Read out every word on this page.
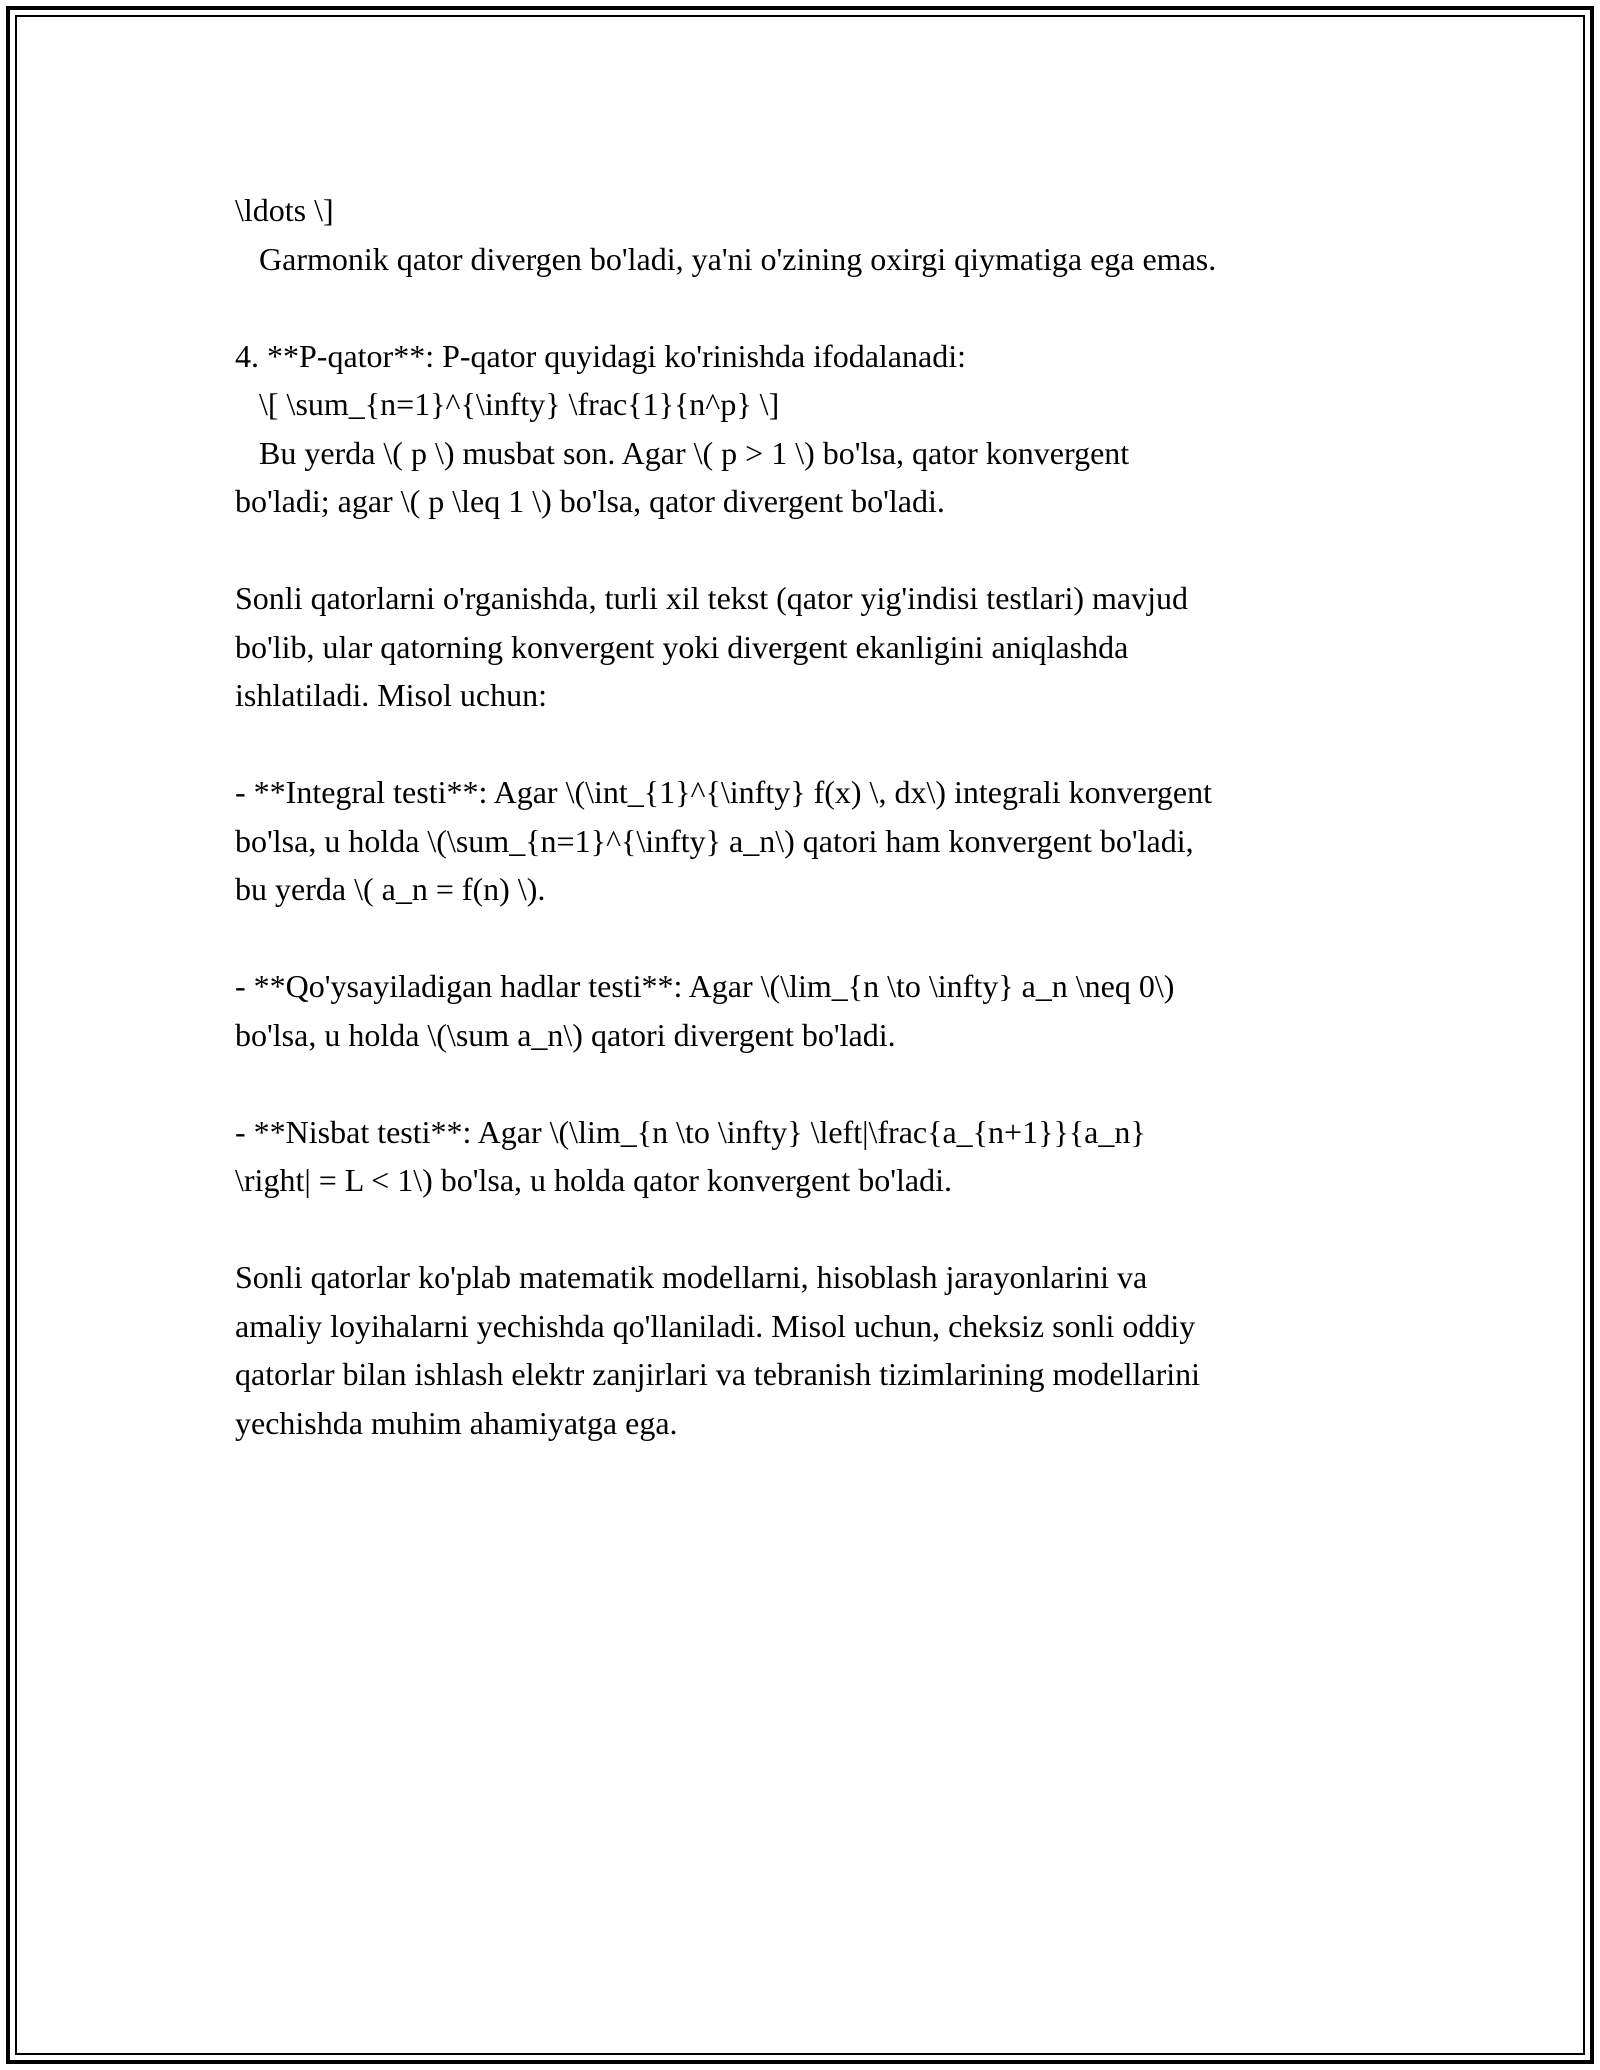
\ldots \]
Garmonik qator divergen bo'ladi, ya'ni o'zining oxirgi qiymatiga ega emas.
4. **P-qator**: P-qator quyidagi ko'rinishda ifodalanadi:
\[ \sum_{n=1}^{\infty} \frac{1}{n^p} \]
Bu yerda \( p \) musbat son. Agar \( p > 1 \) bo'lsa, qator konvergent
bo'ladi; agar \( p \leq 1 \) bo'lsa, qator divergent bo'ladi.
Sonli qatorlarni o'rganishda, turli xil tekst (qator yig'indisi testlari) mavjud
bo'lib, ular qatorning konvergent yoki divergent ekanligini aniqlashda
ishlatiladi. Misol uchun:
- **Integral testi**: Agar \(\int_{1}^{\infty} f(x) \, dx\) integrali konvergent
bo'lsa, u holda \(\sum_{n=1}^{\infty} a_n\) qatori ham konvergent bo'ladi,
bu yerda \( a_n = f(n) \).
- **Qo'ysayiladigan hadlar testi**: Agar \(\lim_{n \to \infty} a_n \neq 0\)
bo'lsa, u holda \(\sum a_n\) qatori divergent bo'ladi.
- **Nisbat testi**: Agar \(\lim_{n \to \infty} \left|\frac{a_{n+1}}{a_n}
\right| = L < 1\) bo'lsa, u holda qator konvergent bo'ladi.
Sonli qatorlar ko'plab matematik modellarni, hisoblash jarayonlarini va
amaliy loyihalarni yechishda qo'llaniladi. Misol uchun, cheksiz sonli oddiy
qatorlar bilan ishlash elektr zanjirlari va tebranish tizimlarining modellarini
yechishda muhim ahamiyatga ega.
